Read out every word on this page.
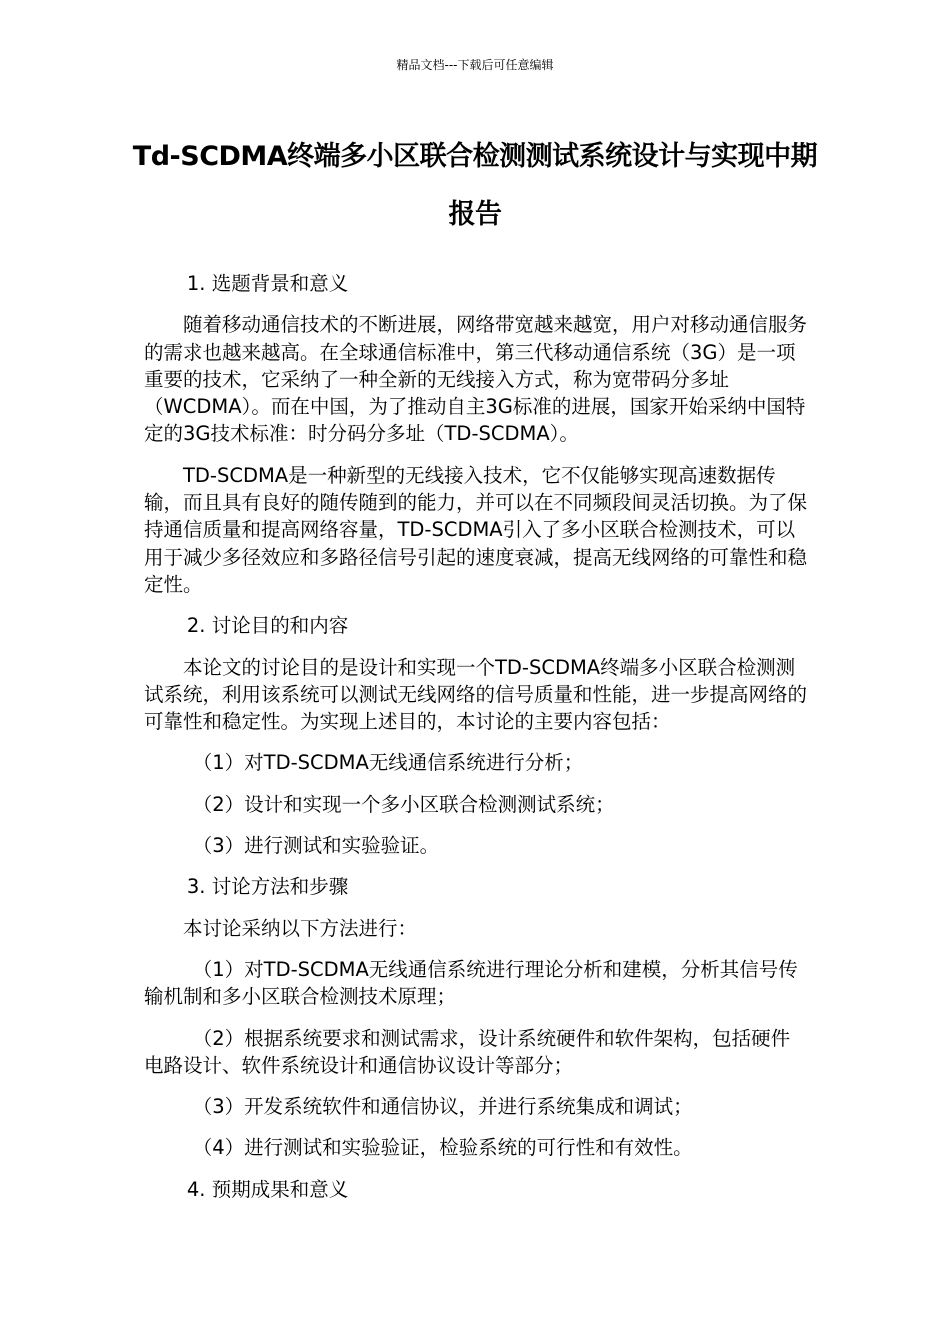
精品文档---下载后可任意编辑
Td-SCDMA终端多小区联合检测测试系统设计与实现中期报告

1. 选题背景和意义

随着移动通信技术的不断进展，网络带宽越来越宽，用户对移动通信服务的需求也越来越高。在全球通信标准中，第三代移动通信系统（3G）是一项重要的技术，它采纳了一种全新的无线接入方式，称为宽带码分多址（WCDMA）。而在中国，为了推动自主3G标准的进展，国家开始采纳中国特定的3G技术标准：时分码分多址（TD-SCDMA）。

TD-SCDMA是一种新型的无线接入技术，它不仅能够实现高速数据传输，而且具有良好的随传随到的能力，并可以在不同频段间灵活切换。为了保持通信质量和提高网络容量，TD-SCDMA引入了多小区联合检测技术，可以用于减少多径效应和多路径信号引起的速度衰减，提高无线网络的可靠性和稳定性。

2. 讨论目的和内容

本论文的讨论目的是设计和实现一个TD-SCDMA终端多小区联合检测测试系统，利用该系统可以测试无线网络的信号质量和性能，进一步提高网络的可靠性和稳定性。为实现上述目的，本讨论的主要内容包括：

（1）对TD-SCDMA无线通信系统进行分析；

（2）设计和实现一个多小区联合检测测试系统；

（3）进行测试和实验验证。

3. 讨论方法和步骤

本讨论采纳以下方法进行：

（1）对TD-SCDMA无线通信系统进行理论分析和建模，分析其信号传输机制和多小区联合检测技术原理；

（2）根据系统要求和测试需求，设计系统硬件和软件架构，包括硬件电路设计、软件系统设计和通信协议设计等部分；

（3）开发系统软件和通信协议，并进行系统集成和调试；

（4）进行测试和实验验证，检验系统的可行性和有效性。

4. 预期成果和意义
